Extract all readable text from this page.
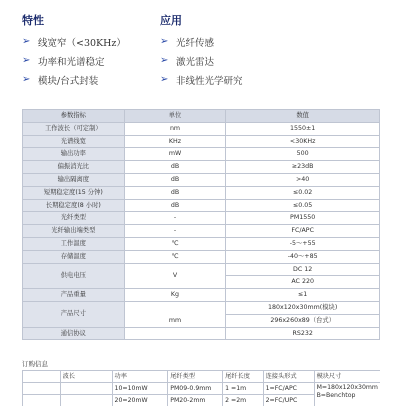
特性
➢ 线宽窄（<30KHz）
➢ 功率和光谱稳定
➢ 模块/台式封装
应用
➢ 光纤传感
➢ 激光雷达
➢ 非线性光学研究
参数指标	单位	数值
工作波长（可定制）	nm	1550±1
光谱线宽	KHz	<30KHz
输出功率	mW	500
偏振消光比	dB	≥23dB
输出隔离度	dB	>40
短期稳定度(15 分钟)	dB	≤0.02
长期稳定度(8 小时)	dB	≤0.05
光纤类型	-	PM1550
光纤输出端类型	-	FC/APC
工作温度	℃	-5～+55
存储温度	℃	-40～+85
供电电压	V	DC 12
		AC 220
产品重量	Kg	≤1
产品尺寸	mm	180x120x30mm(模块)
		296x260x89（台式）
通信协议		RS232
订购信息
	波长	功率	尾纤类型	尾纤长度	连接头形式	模块尺寸
		10=10mW	PM09-0.9mm	1 =1m	1=FC/APC	M=180x120x30mm
B=Benchtop

		20=20mW	PM20-2mm	2 =2m	2=FC/UPC	
